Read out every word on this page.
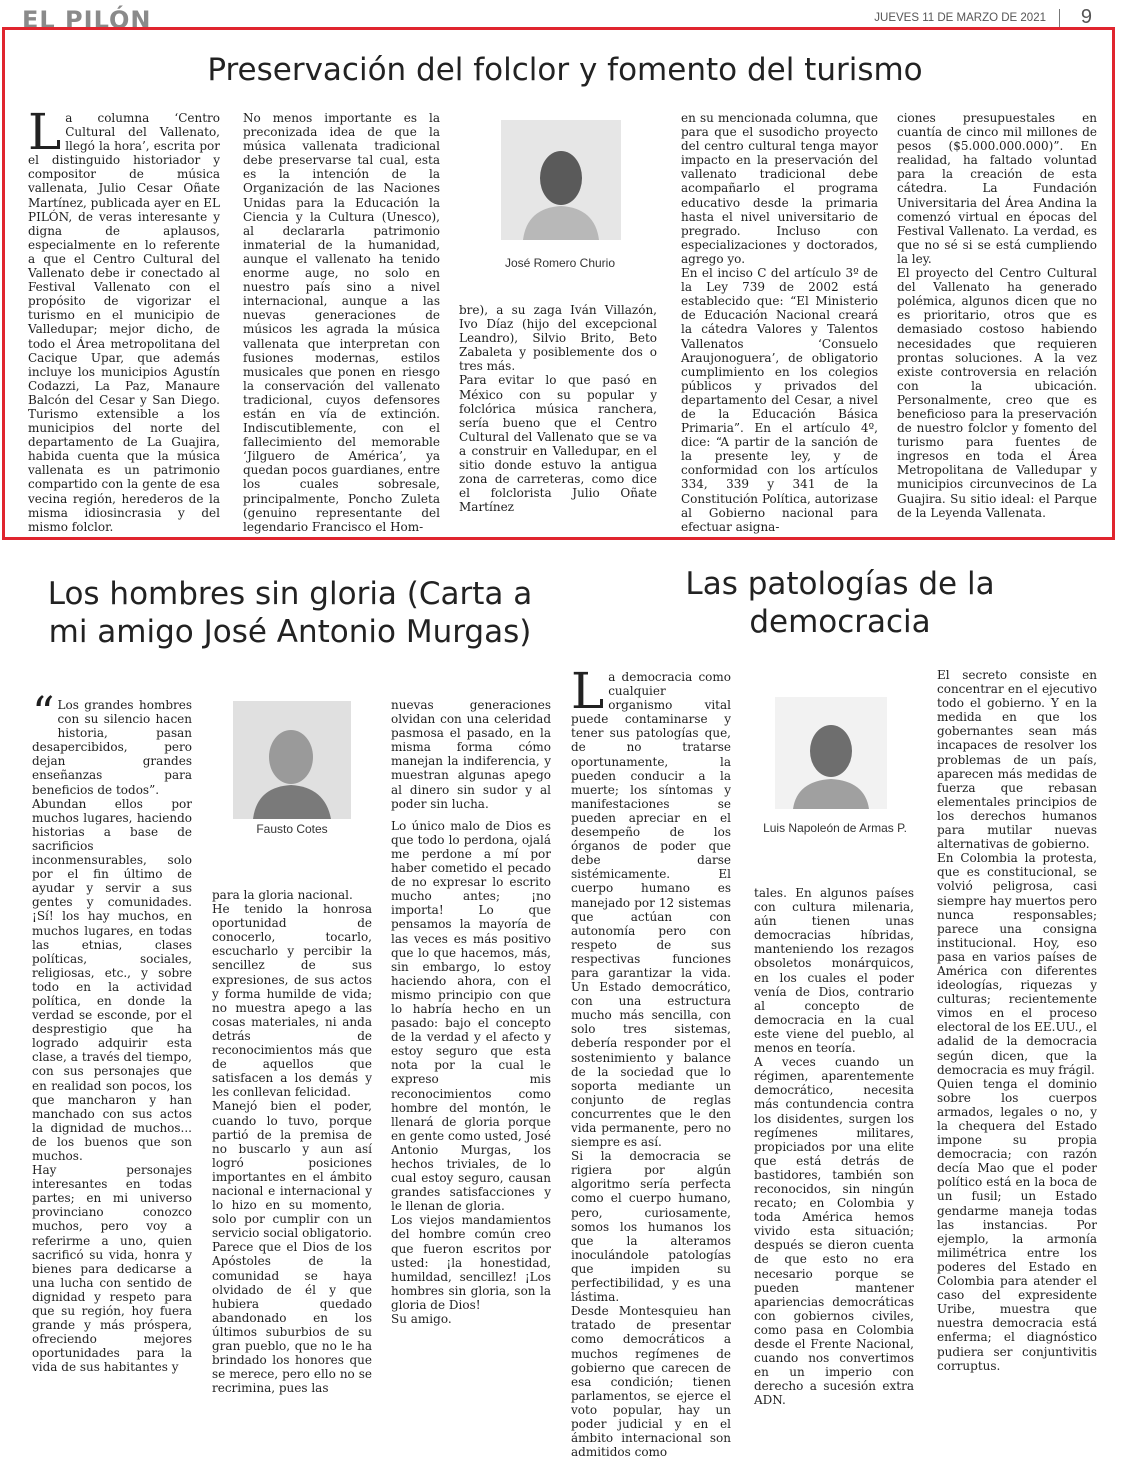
EL PILÓN	JUEVES 11 DE MARZO DE 2021 9
Preservación del folclor y fomento del turismo
La columna ‘Centro Cultural del Vallenato, llegó la hora’, escrita por el distinguido historiador y compositor de música vallenata, Julio Cesar Oñate Martínez, publicada ayer en EL PILÓN, de veras interesante y digna de aplausos, especialmente en lo referente a que el Centro Cultural del Vallenato debe ir conectado al Festival Vallenato con el propósito de vigorizar el turismo en el municipio de Valledupar; mejor dicho, de todo el Área metropolitana del Cacique Upar, que además incluye los municipios Agustín Codazzi, La Paz, Manaure Balcón del Cesar y San Diego. Turismo extensible a los municipios del norte del departamento de La Guajira, habida cuenta que la música vallenata es un patrimonio compartido con la gente de esa vecina región, herederos de la misma idiosincrasia y del mismo folclor.

No menos importante es la preconizada idea de que la música vallenata tradicional debe preservarse tal cual, esta es la intención de la Organización de las Naciones Unidas para la Educación la Ciencia y la Cultura (Unesco), al declararla patrimonio inmaterial de la humanidad, aunque el vallenato ha tenido enorme auge, no solo en nuestro país sino a nivel internacional, aunque a las nuevas generaciones de músicos les agrada la música vallenata que interpretan con fusiones modernas, estilos musicales que ponen en riesgo la conservación del vallenato tradicional, cuyos defensores están en vía de extinción. Indiscutiblemente, con el fallecimiento del memorable ‘Jilguero de América’, ya quedan pocos guardianes, entre los cuales sobresale, principalmente, Poncho Zuleta (genuino representante del legendario Francisco el Hom-

José Romero Churio

bre), a su zaga Iván Villazón, Ivo Díaz (hijo del excepcional Leandro), Silvio Brito, Beto Zabaleta y posiblemente dos o tres más.

Para evitar lo que pasó en México con su popular y folclórica música ranchera, sería bueno que el Centro Cultural del Vallenato que se va a construir en Valledupar, en el sitio donde estuvo la antigua zona de carreteras, como dice el folclorista Julio Oñate Martínez

en su mencionada columna, que para que el susodicho proyecto del centro cultural tenga mayor impacto en la preservación del vallenato tradicional debe acompañarlo el programa educativo desde la primaria hasta el nivel universitario de pregrado. Incluso con especializaciones y doctorados, agrego yo.

En el inciso C del artículo 3º de la Ley 739 de 2002 está establecido que: “El Ministerio de Educación Nacional creará la cátedra Valores y Talentos Vallenatos ‘Consuelo Araujonoguera’, de obligatorio cumplimiento en los colegios públicos y privados del departamento del Cesar, a nivel de la Educación Básica Primaria”. En el artículo 4º, dice: “A partir de la sanción de la presente ley, y de conformidad con los artículos 334, 339 y 341 de la Constitución Política, autorizase al Gobierno nacional para efectuar asigna-

ciones presupuestales en cuantía de cinco mil millones de pesos ($5.000.000.000)”. En realidad, ha faltado voluntad para la creación de esta cátedra. La Fundación Universitaria del Área Andina la comenzó virtual en épocas del Festival Vallenato. La verdad, es que no sé si se está cumpliendo la ley.

El proyecto del Centro Cultural del Vallenato ha generado polémica, algunos dicen que no es prioritario, otros que es demasiado costoso habiendo necesidades que requieren prontas soluciones. A la vez existe controversia en relación con la ubicación. Personalmente, creo que es beneficioso para la preservación de nuestro folclor y fomento del turismo para fuentes de ingresos en toda el Área Metropolitana de Valledupar y municipios circunvecinos de La Guajira. Su sitio ideal: el Parque de la Leyenda Vallenata.

Los hombres sin gloria (Carta a mi amigo José Antonio Murgas)

“ Los grandes hombres con su silencio hacen historia, pasan desapercibidos, pero dejan grandes enseñanzas para beneficios de todos”.

Abundan ellos por muchos lugares, haciendo historias a base de sacrificios inconmensurables, solo por el fin último de ayudar y servir a sus gentes y comunidades. ¡Sí! los hay muchos, en muchos lugares, en todas las etnias, clases políticas, sociales, religiosas, etc., y sobre todo en la actividad política, en donde la verdad se esconde, por el desprestigio que ha logrado adquirir esta clase, a través del tiempo, con sus personajes que en realidad son pocos, los que mancharon y han manchado con sus actos la dignidad de muchos... de los buenos que son muchos.

Hay personajes interesantes en todas partes; en mi universo provinciano conozco muchos, pero voy a referirme a uno, quien sacrificó su vida, honra y bienes para dedicarse a una lucha con sentido de dignidad y respeto para que su región, hoy fuera grande y más próspera, ofreciendo mejores oportunidades para la vida de sus habitantes y

Fausto Cotes

para la gloria nacional.

He tenido la honrosa oportunidad de conocerlo, tocarlo, escucharlo y percibir la sencillez de sus expresiones, de sus actos y forma humilde de vida; no muestra apego a las cosas materiales, ni anda detrás de reconocimientos más que de aquellos que satisfacen a los demás y les conllevan felicidad.

Manejó bien el poder, cuando lo tuvo, porque partió de la premisa de no buscarlo y aun así logró posiciones importantes en el ámbito nacional e internacional y lo hizo en su momento, solo por cumplir con un servicio social obligatorio. Parece que el Dios de los Apóstoles de la comunidad se haya olvidado de él y que hubiera quedado abandonado en los últimos suburbios de su gran pueblo, que no le ha brindado los honores que se merece, pero ello no se recrimina, pues las

nuevas generaciones olvidan con una celeridad pasmosa el pasado, en la misma forma cómo manejan la indiferencia, y muestran algunas apego al dinero sin sudor y al poder sin lucha.

Lo único malo de Dios es que todo lo perdona, ojalá me perdone a mí por haber cometido el pecado de no expresar lo escrito mucho antes; ¡no importa! Lo que pensamos la mayoría de las veces es más positivo que lo que hacemos, más, sin embargo, lo estoy haciendo ahora, con el mismo principio con que lo habría hecho en un pasado: bajo el concepto de la verdad y el afecto y estoy seguro que esta nota por la cual le expreso mis reconocimientos como hombre del montón, le llenará de gloria porque en gente como usted, José Antonio Murgas, los hechos triviales, de lo cual estoy seguro, causan grandes satisfacciones y le llenan de gloria.

Los viejos mandamientos del hombre común creo que fueron escritos por usted: ¡la honestidad, humildad, sencillez! ¡Los hombres sin gloria, son la gloria de Dios!

Su amigo.

Las patologías de la democracia

La democracia como cualquier organismo vital puede contaminarse y tener sus patologías que, de no tratarse oportunamente, la pueden conducir a la muerte; los síntomas y manifestaciones se pueden apreciar en el desempeño de los órganos de poder que debe darse sistémicamente. El cuerpo humano es manejado por 12 sistemas que actúan con autonomía pero con respeto de sus respectivas funciones para garantizar la vida. Un Estado democrático, con una estructura mucho más sencilla, con solo tres sistemas, debería responder por el sostenimiento y balance de la sociedad que lo soporta mediante un conjunto de reglas concurrentes que le den vida permanente, pero no siempre es así.

Si la democracia se rigiera por algún algoritmo sería perfecta como el cuerpo humano, pero, curiosamente, somos los humanos los que la alteramos inoculándole patologías que impiden su perfectibilidad, y es una lástima.

Desde Montesquieu han tratado de presentar como democráticos a muchos regímenes de gobierno que carecen de esa condición; tienen parlamentos, se ejerce el voto popular, hay un poder judicial y en el ámbito internacional son admitidos como

Luis Napoleón de Armas P.

tales. En algunos países con cultura milenaria, aún tienen unas democracias híbridas, manteniendo los rezagos obsoletos monárquicos, en los cuales el poder venía de Dios, contrario al concepto de democracia en la cual este viene del pueblo, al menos en teoría.

A veces cuando un régimen, aparentemente democrático, necesita más contundencia contra los disidentes, surgen los regímenes militares, propiciados por una elite que está detrás de bastidores, también son reconocidos, sin ningún recato; en Colombia y toda América hemos vivido esta situación; después se dieron cuenta de que esto no era necesario porque se pueden mantener apariencias democráticas con gobiernos civiles, como pasa en Colombia desde el Frente Nacional, cuando nos convertimos en un imperio con derecho a sucesión extra ADN.

El secreto consiste en concentrar en el ejecutivo todo el gobierno. Y en la medida en que los gobernantes sean más incapaces de resolver los problemas de un país, aparecen más medidas de fuerza que rebasan elementales principios de los derechos humanos para mutilar nuevas alternativas de gobierno.

En Colombia la protesta, que es constitucional, se volvió peligrosa, casi siempre hay muertos pero nunca responsables; parece una consigna institucional. Hoy, eso pasa en varios países de América con diferentes ideologías, riquezas y culturas; recientemente vimos en el proceso electoral de los EE.UU., el adalid de la democracia según dicen, que la democracia es muy frágil.

Quien tenga el dominio sobre los cuerpos armados, legales o no, y la chequera del Estado impone su propia democracia; con razón decía Mao que el poder político está en la boca de un fusil; un Estado gendarme maneja todas las instancias. Por ejemplo, la armonía milimétrica entre los poderes del Estado en Colombia para atender el caso del expresidente Uribe, muestra que nuestra democracia está enferma; el diagnóstico pudiera ser conjuntivitis corruptus.
